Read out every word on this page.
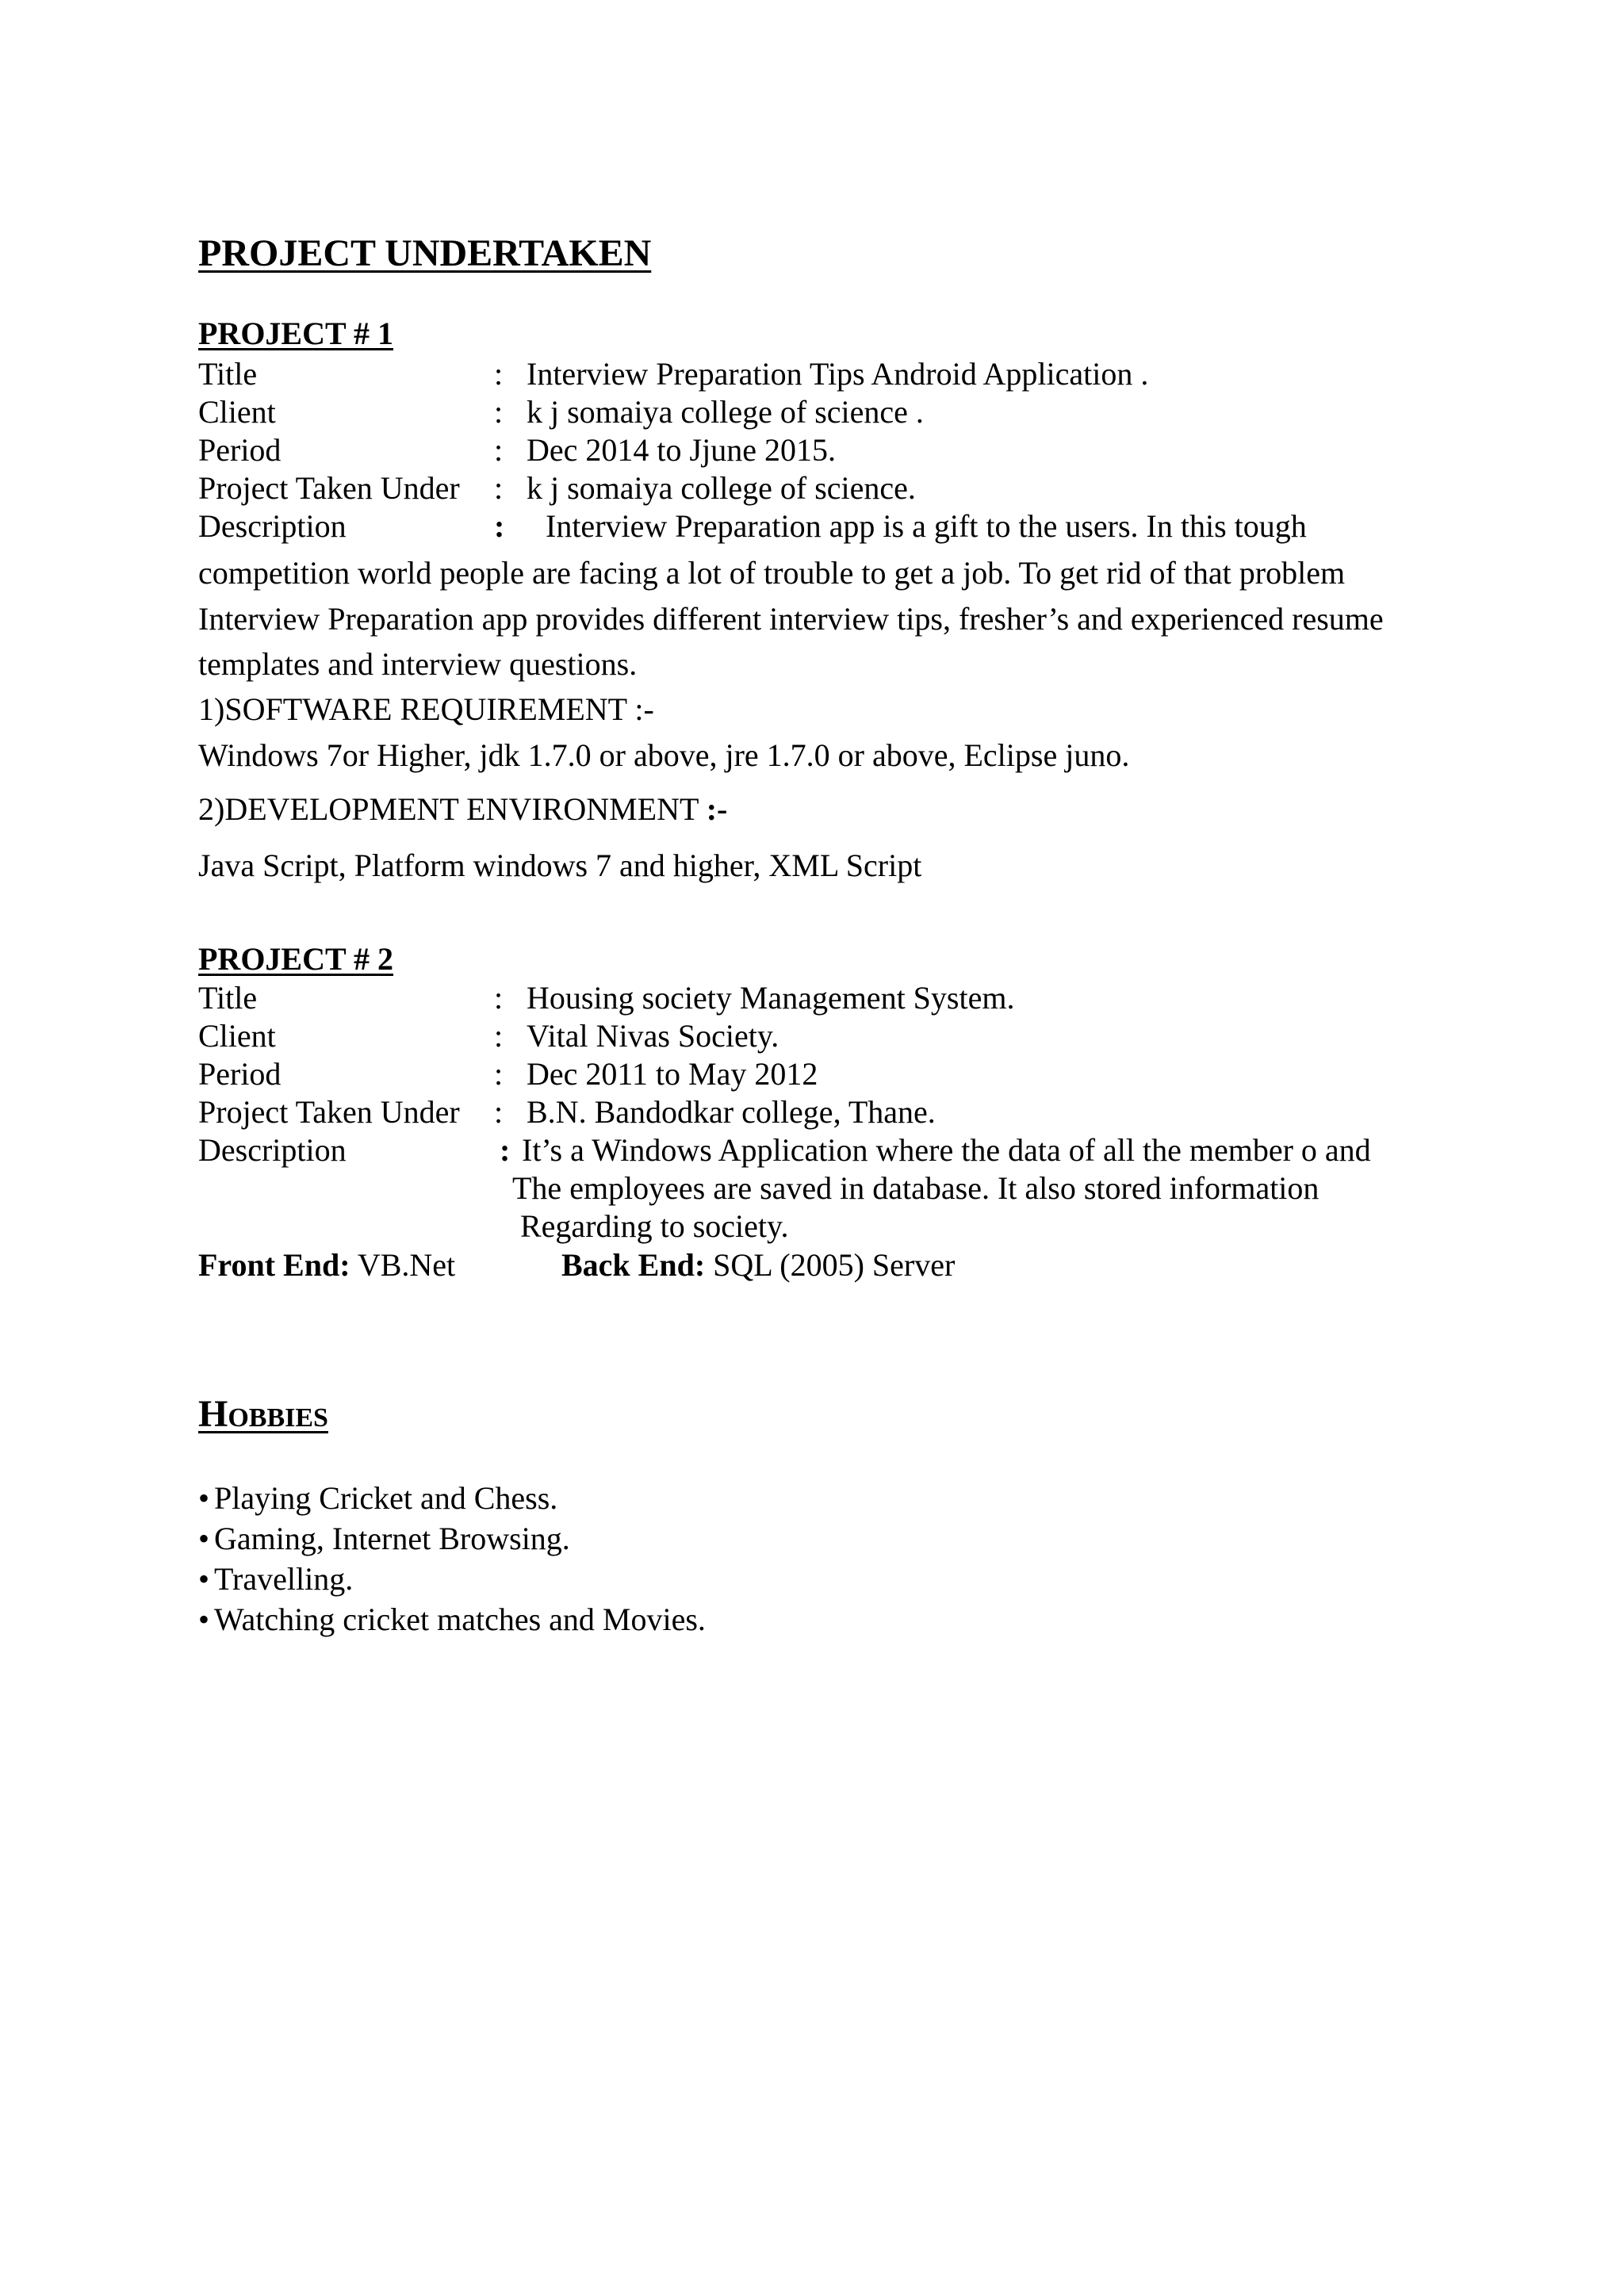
PROJECT UNDERTAKEN
PROJECT # 1
Title	: Interview Preparation Tips Android Application .
Client	: k j somaiya college of science .
Period	: Dec 2014 to Jjune 2015.
Project Taken Under : k j somaiya college of science.
Description	: Interview Preparation app is a gift to the users. In this tough
competition world people are facing a lot of trouble to get a job. To get rid of that problem
Interview Preparation app provides different interview tips, fresher’s and experienced resume
templates and interview questions.
1)SOFTWARE REQUIREMENT :-
Windows 7or Higher, jdk 1.7.0 or above, jre 1.7.0 or above, Eclipse juno.
2)DEVELOPMENT ENVIRONMENT :-
Java Script, Platform windows 7 and higher, XML Script
PROJECT # 2
Title	: Housing society Management System.
Client	: Vital Nivas Society.
Period	: Dec 2011 to May 2012
Project Taken Under : B.N. Bandodkar college, Thane.
Description	: It’s a Windows Application where the data of all the member o and
The employees are saved in database. It also stored information
Regarding to society.
Front End: VB.Net	Back End: SQL (2005) Server
Hobbies
• Playing Cricket and Chess.
• Gaming, Internet Browsing.
• Travelling.
• Watching cricket matches and Movies.
